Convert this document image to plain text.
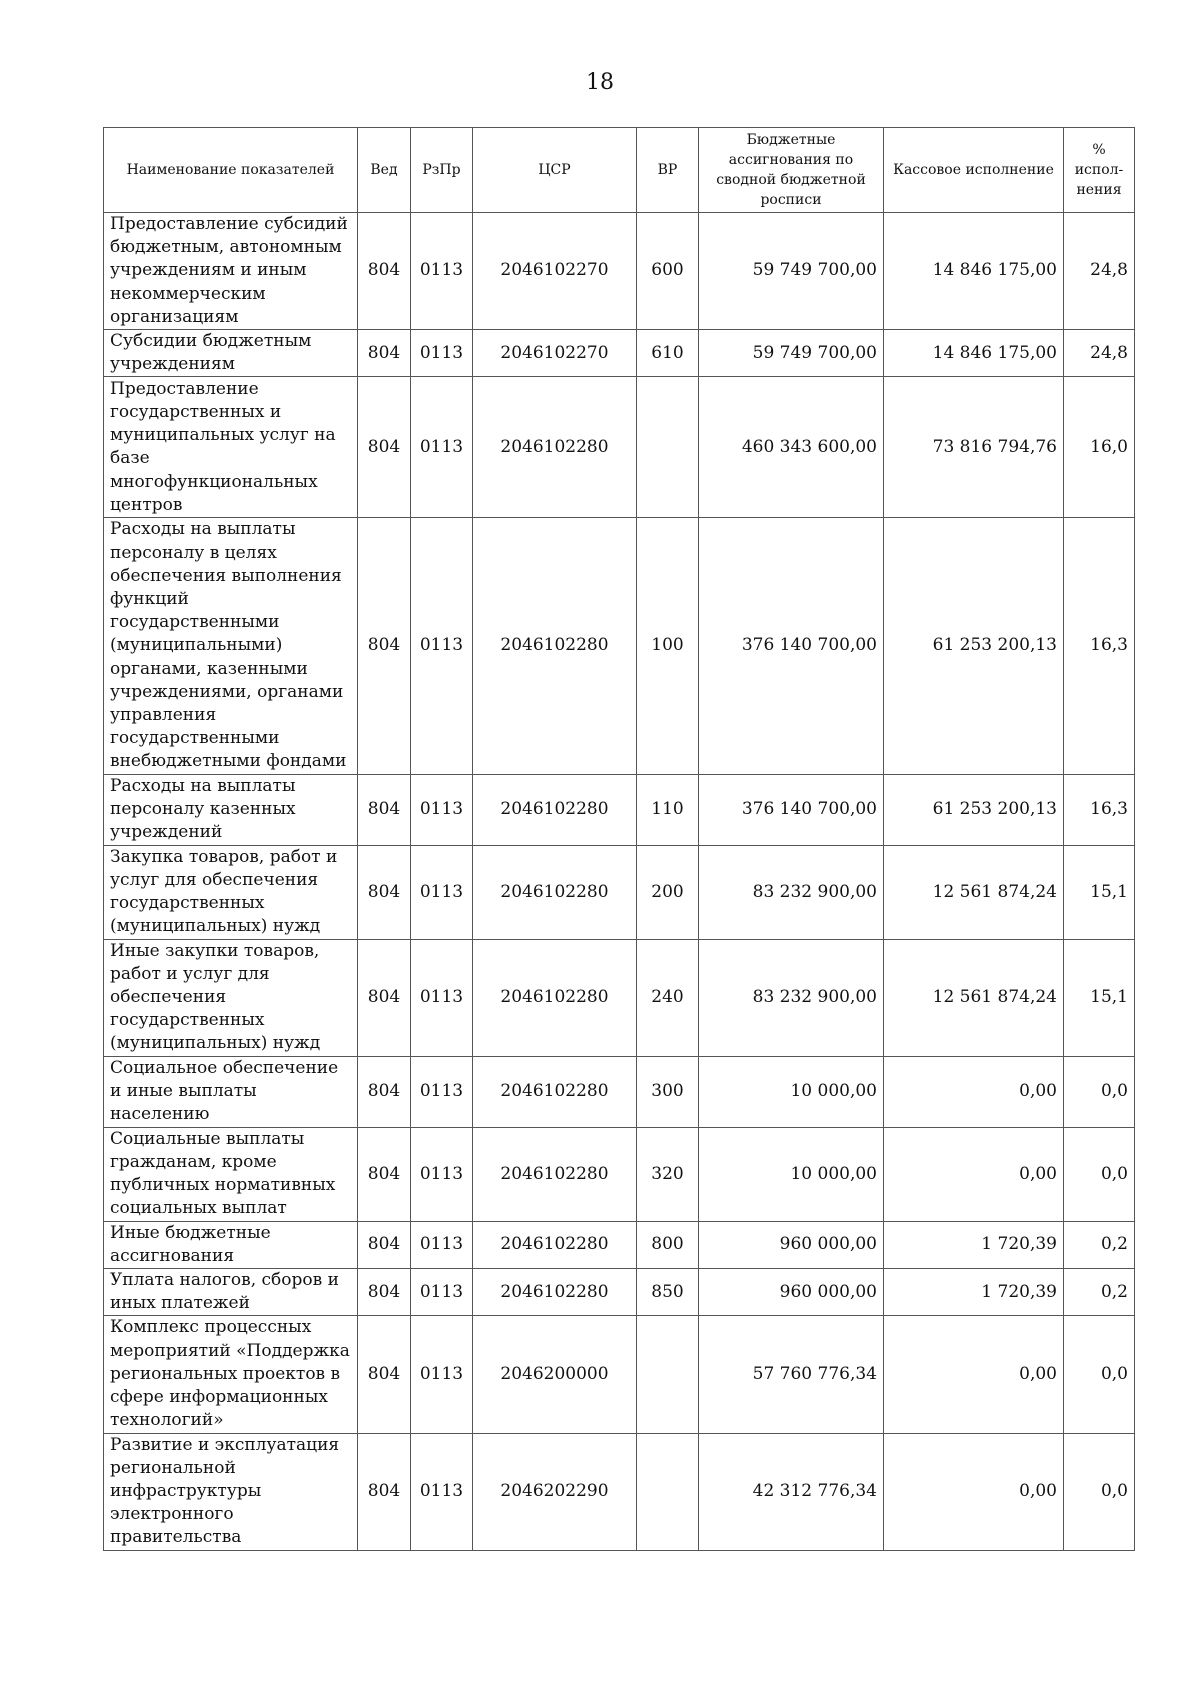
18
Наименование показателей	Вед	РзПр	ЦСР	ВР	Бюджетные ассигнования по сводной бюджетной росписи	Кассовое исполнение	% испол-нения
Предоставление субсидий бюджетным, автономным учреждениям и иным некоммерческим организациям	804	0113	2046102270	600	59 749 700,00	14 846 175,00	24,8
Субсидии бюджетным учреждениям	804	0113	2046102270	610	59 749 700,00	14 846 175,00	24,8
Предоставление государственных и муниципальных услуг на базе многофункциональных центров	804	0113	2046102280		460 343 600,00	73 816 794,76	16,0
Расходы на выплаты персоналу в целях обеспечения выполнения функций государственными (муниципальными) органами, казенными учреждениями, органами управления государственными внебюджетными фондами	804	0113	2046102280	100	376 140 700,00	61 253 200,13	16,3
Расходы на выплаты персоналу казенных учреждений	804	0113	2046102280	110	376 140 700,00	61 253 200,13	16,3
Закупка товаров, работ и услуг для обеспечения государственных (муниципальных) нужд	804	0113	2046102280	200	83 232 900,00	12 561 874,24	15,1
Иные закупки товаров, работ и услуг для обеспечения государственных (муниципальных) нужд	804	0113	2046102280	240	83 232 900,00	12 561 874,24	15,1
Социальное обеспечение и иные выплаты населению	804	0113	2046102280	300	10 000,00	0,00	0,0
Социальные выплаты гражданам, кроме публичных нормативных социальных выплат	804	0113	2046102280	320	10 000,00	0,00	0,0
Иные бюджетные ассигнования	804	0113	2046102280	800	960 000,00	1 720,39	0,2
Уплата налогов, сборов и иных платежей	804	0113	2046102280	850	960 000,00	1 720,39	0,2
Комплекс процессных мероприятий «Поддержка региональных проектов в сфере информационных технологий»	804	0113	2046200000		57 760 776,34	0,00	0,0
Развитие и эксплуатация региональной инфраструктуры электронного правительства	804	0113	2046202290		42 312 776,34	0,00	0,0
